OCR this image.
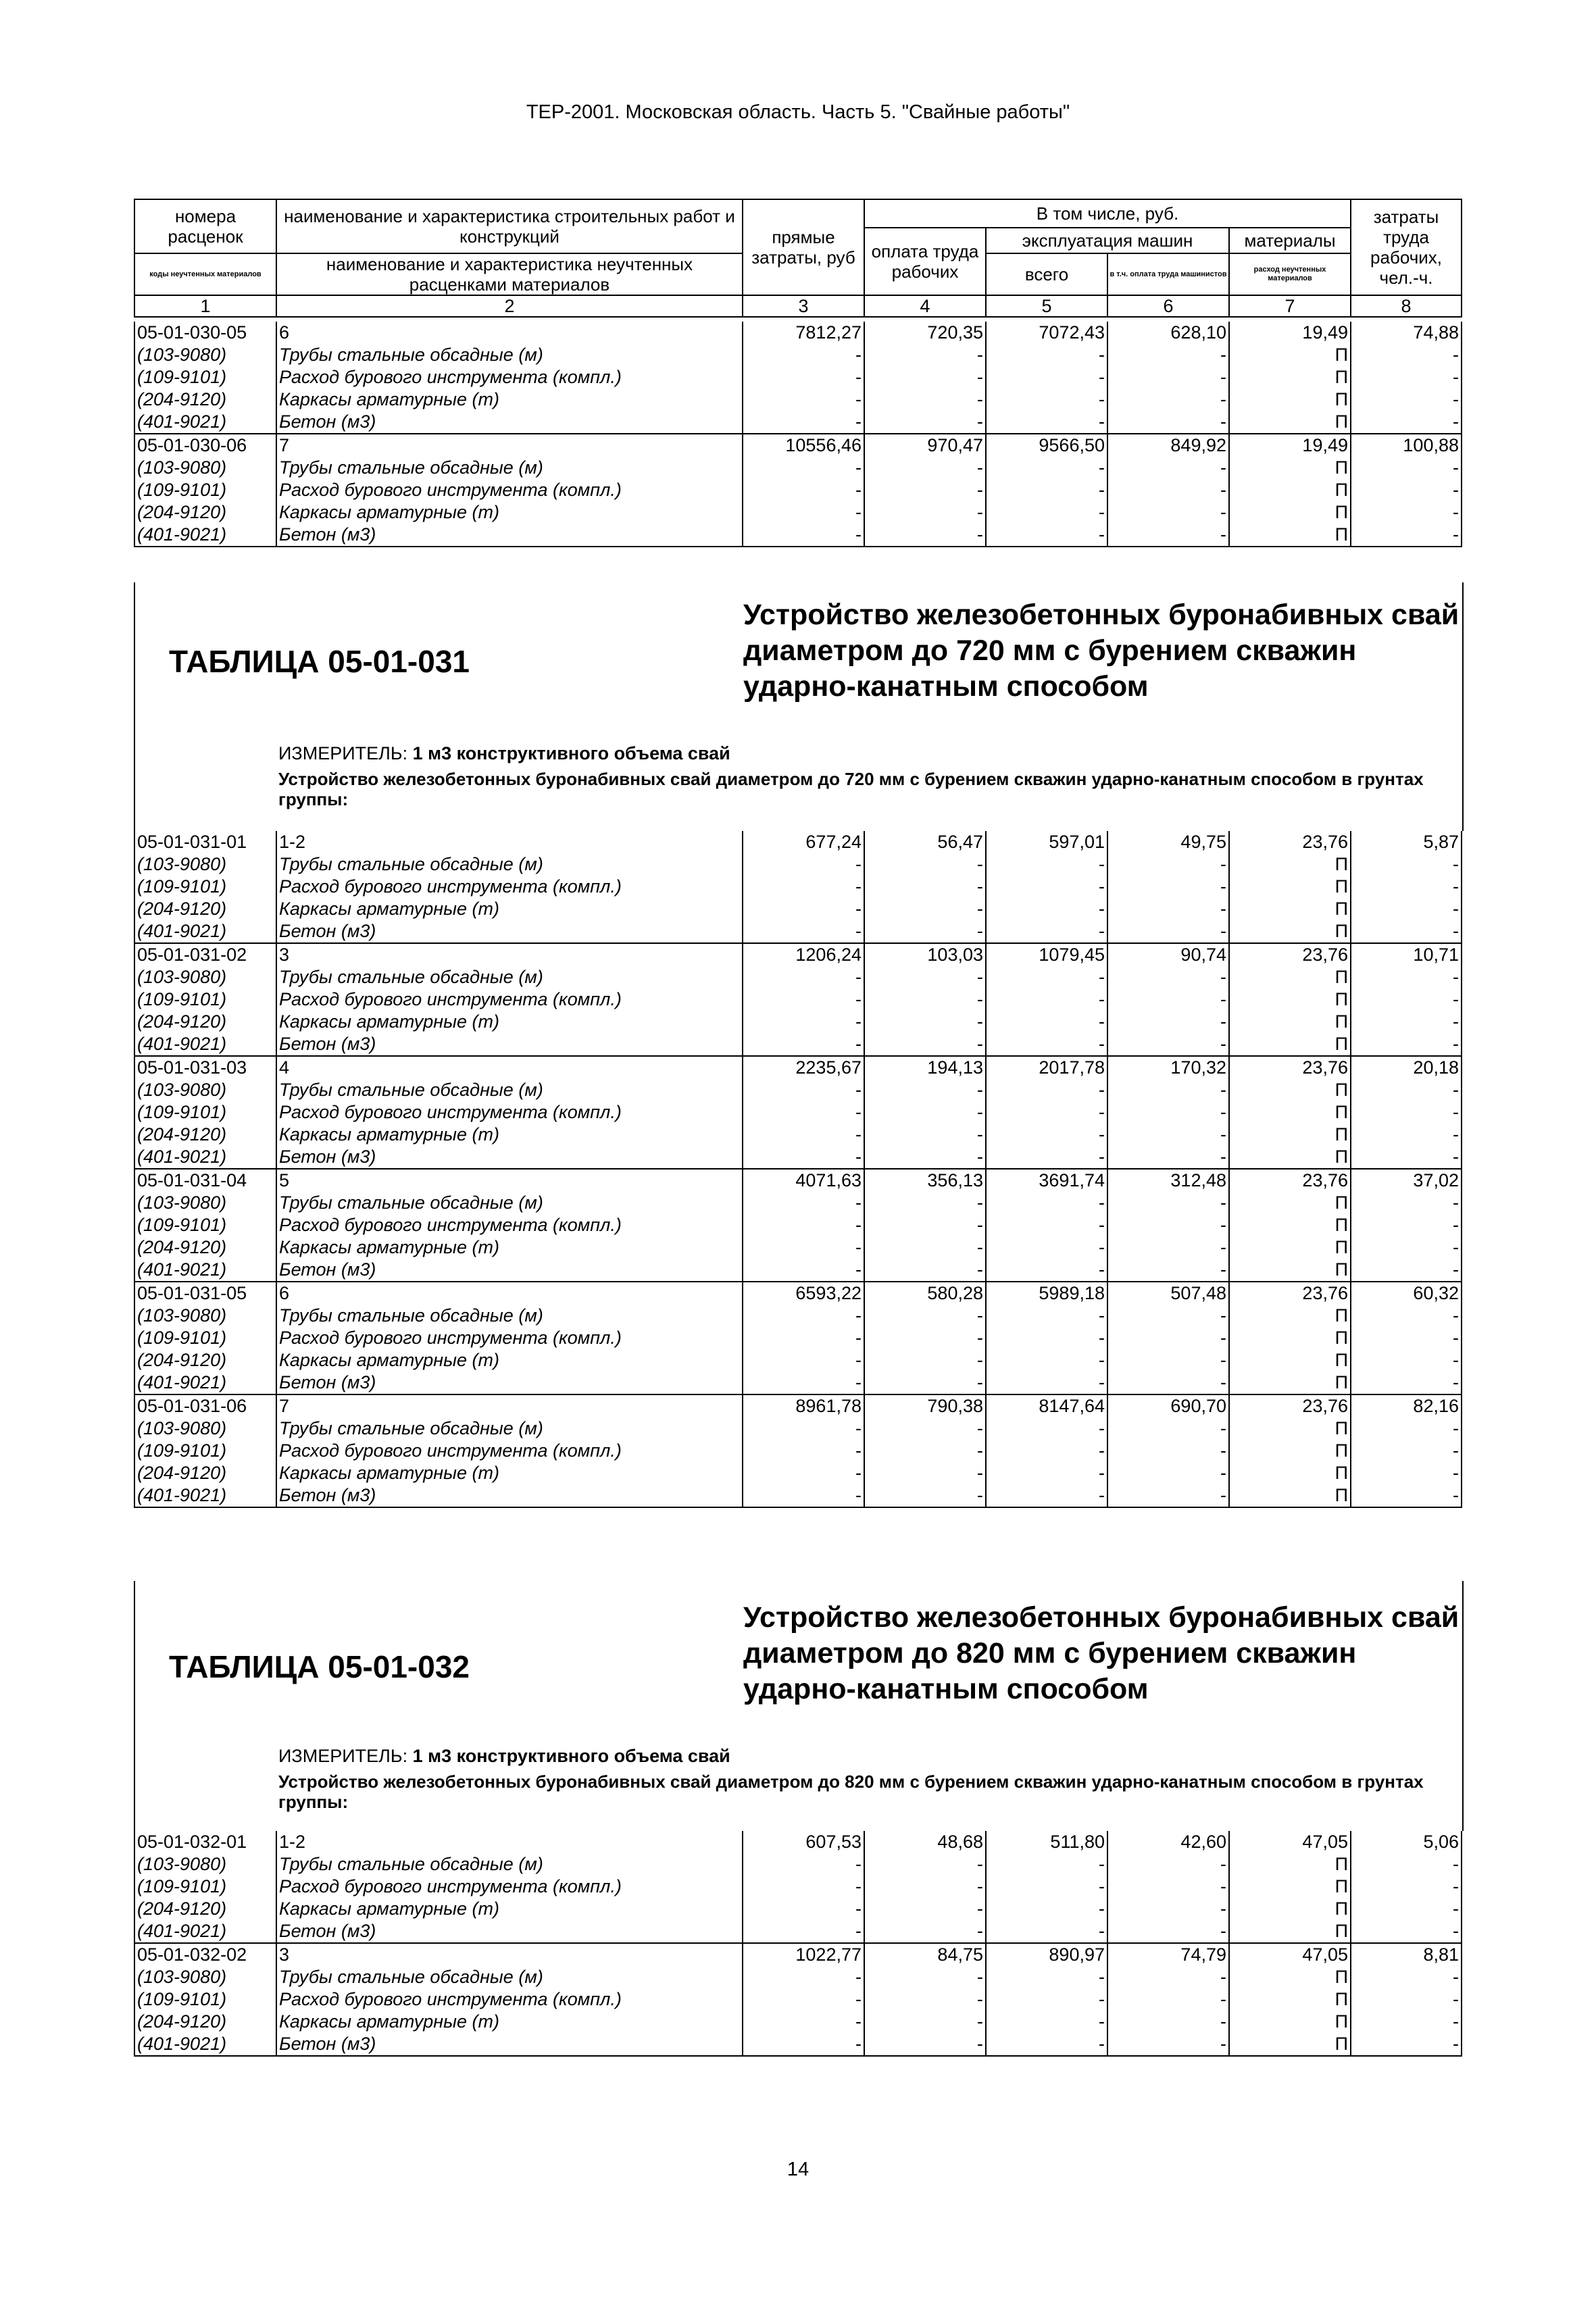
ТЕР-2001. Московская область. Часть 5. "Свайные работы"
номера расценок	наименование и характеристика строительных работ и конструкций	прямые затраты, руб	В том числе, руб.				затраты труда рабочих, чел.-ч.
			оплата труда рабочих	эксплуатация машин		материалы	
коды неучтенных материалов	наименование и характеристика неучтенных расценками материалов			всего	в т.ч. оплата труда машинистов	расход неучтенных материалов	
1	2	3	4	5	6	7	8
05-01-030-05	6	7812,27	720,35	7072,43	628,10	19,49	74,88
(103-9080)	Трубы стальные обсадные (м)	-	-	-	-	П	-
(109-9101)	Расход бурового инструмента (компл.)	-	-	-	-	П	-
(204-9120)	Каркасы арматурные (т)	-	-	-	-	П	-
(401-9021)	Бетон (м3)	-	-	-	-	П	-
05-01-030-06	7	10556,46	970,47	9566,50	849,92	19,49	100,88
(103-9080)	Трубы стальные обсадные (м)	-	-	-	-	П	-
(109-9101)	Расход бурового инструмента (компл.)	-	-	-	-	П	-
(204-9120)	Каркасы арматурные (т)	-	-	-	-	П	-
(401-9021)	Бетон (м3)	-	-	-	-	П	-
ТАБЛИЦА 05-01-031
Устройство железобетонных буронабивных свай диаметром до 720 мм с бурением скважин ударно-канатным способом
ИЗМЕРИТЕЛЬ: 1 м3 конструктивного объема свай
Устройство железобетонных буронабивных свай диаметром до 720 мм с бурением скважин ударно-канатным способом в грунтах группы:
05-01-031-01	1-2	677,24	56,47	597,01	49,75	23,76	5,87
(103-9080)	Трубы стальные обсадные (м)	-	-	-	-	П	-
(109-9101)	Расход бурового инструмента (компл.)	-	-	-	-	П	-
(204-9120)	Каркасы арматурные (т)	-	-	-	-	П	-
(401-9021)	Бетон (м3)	-	-	-	-	П	-
05-01-031-02	3	1206,24	103,03	1079,45	90,74	23,76	10,71
(103-9080)	Трубы стальные обсадные (м)	-	-	-	-	П	-
(109-9101)	Расход бурового инструмента (компл.)	-	-	-	-	П	-
(204-9120)	Каркасы арматурные (т)	-	-	-	-	П	-
(401-9021)	Бетон (м3)	-	-	-	-	П	-
05-01-031-03	4	2235,67	194,13	2017,78	170,32	23,76	20,18
(103-9080)	Трубы стальные обсадные (м)	-	-	-	-	П	-
(109-9101)	Расход бурового инструмента (компл.)	-	-	-	-	П	-
(204-9120)	Каркасы арматурные (т)	-	-	-	-	П	-
(401-9021)	Бетон (м3)	-	-	-	-	П	-
05-01-031-04	5	4071,63	356,13	3691,74	312,48	23,76	37,02
(103-9080)	Трубы стальные обсадные (м)	-	-	-	-	П	-
(109-9101)	Расход бурового инструмента (компл.)	-	-	-	-	П	-
(204-9120)	Каркасы арматурные (т)	-	-	-	-	П	-
(401-9021)	Бетон (м3)	-	-	-	-	П	-
05-01-031-05	6	6593,22	580,28	5989,18	507,48	23,76	60,32
(103-9080)	Трубы стальные обсадные (м)	-	-	-	-	П	-
(109-9101)	Расход бурового инструмента (компл.)	-	-	-	-	П	-
(204-9120)	Каркасы арматурные (т)	-	-	-	-	П	-
(401-9021)	Бетон (м3)	-	-	-	-	П	-
05-01-031-06	7	8961,78	790,38	8147,64	690,70	23,76	82,16
(103-9080)	Трубы стальные обсадные (м)	-	-	-	-	П	-
(109-9101)	Расход бурового инструмента (компл.)	-	-	-	-	П	-
(204-9120)	Каркасы арматурные (т)	-	-	-	-	П	-
(401-9021)	Бетон (м3)	-	-	-	-	П	-
ТАБЛИЦА 05-01-032
Устройство железобетонных буронабивных свай диаметром до 820 мм с бурением скважин ударно-канатным способом
ИЗМЕРИТЕЛЬ: 1 м3 конструктивного объема свай
Устройство железобетонных буронабивных свай диаметром до 820 мм с бурением скважин ударно-канатным способом в грунтах группы:
05-01-032-01	1-2	607,53	48,68	511,80	42,60	47,05	5,06
(103-9080)	Трубы стальные обсадные (м)	-	-	-	-	П	-
(109-9101)	Расход бурового инструмента (компл.)	-	-	-	-	П	-
(204-9120)	Каркасы арматурные (т)	-	-	-	-	П	-
(401-9021)	Бетон (м3)	-	-	-	-	П	-
05-01-032-02	3	1022,77	84,75	890,97	74,79	47,05	8,81
(103-9080)	Трубы стальные обсадные (м)	-	-	-	-	П	-
(109-9101)	Расход бурового инструмента (компл.)	-	-	-	-	П	-
(204-9120)	Каркасы арматурные (т)	-	-	-	-	П	-
(401-9021)	Бетон (м3)	-	-	-	-	П	-
14
